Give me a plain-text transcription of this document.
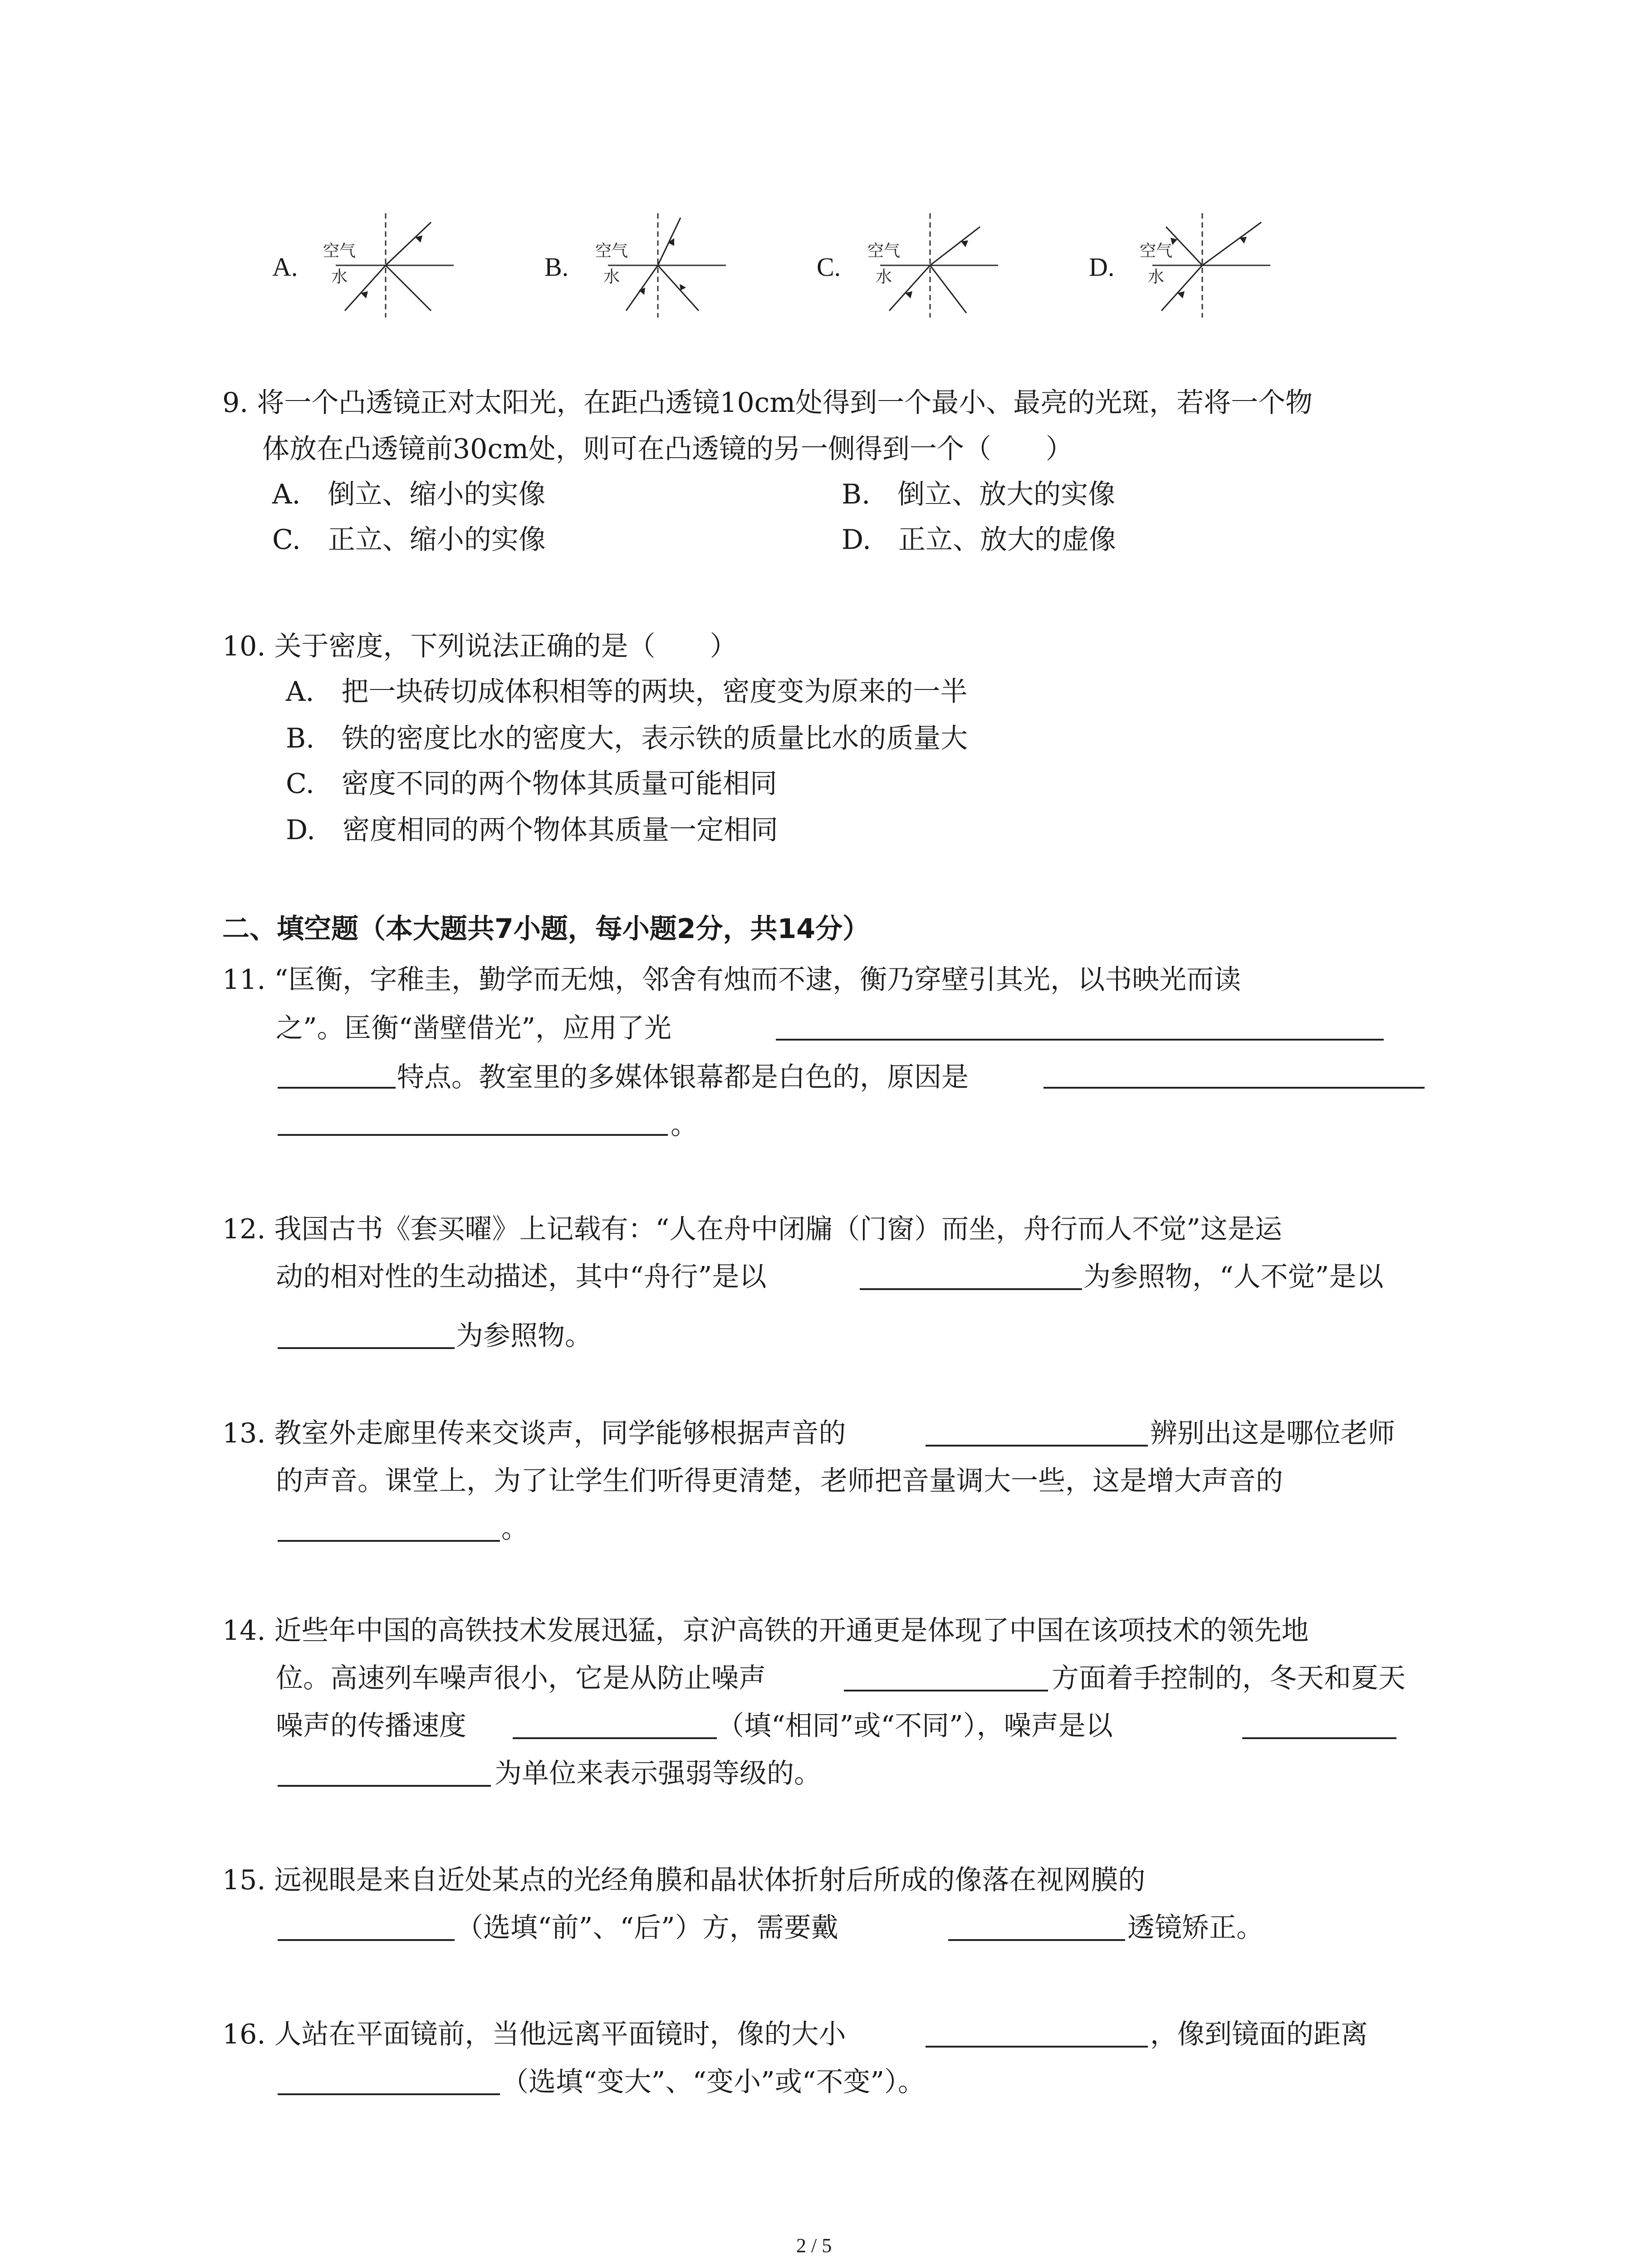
A.
空气
水	B.
空气
水	C.
空气
水	D.
空气
水
9. 将一个凸透镜正对太阳光，在距凸透镜10cm处得到一个最小、最亮的光斑，若将一个物
体放在凸透镜前30cm处，则可在凸透镜的另一侧得到一个（　　）
A.　倒立、缩小的实像	B.　倒立、放大的实像
C.　正立、缩小的实像	D.　正立、放大的虚像
10. 关于密度，下列说法正确的是（　　）
A.　把一块砖切成体积相等的两块，密度变为原来的一半
B.　铁的密度比水的密度大，表示铁的质量比水的质量大
C.　密度不同的两个物体其质量可能相同
D.　密度相同的两个物体其质量一定相同
二、填空题（本大题共7小题，每小题2分，共14分）
11. “匡衡，字稚圭，勤学而无烛，邻舍有烛而不逮，衡乃穿壁引其光，以书映光而读
之”。匡衡“凿壁借光”，应用了光
特点。教室里的多媒体银幕都是白色的，原因是
。
12. 我国古书《套买曜》上记载有：“人在舟中闭牖（门窗）而坐，舟行而人不觉”这是运
动的相对性的生动描述，其中“舟行”是以	为参照物，“人不觉”是以
为参照物。
13. 教室外走廊里传来交谈声，同学能够根据声音的	辨别出这是哪位老师
的声音。课堂上，为了让学生们听得更清楚，老师把音量调大一些，这是增大声音的
。
14. 近些年中国的高铁技术发展迅猛，京沪高铁的开通更是体现了中国在该项技术的领先地
位。高速列车噪声很小，它是从防止噪声	方面着手控制的，冬天和夏天
噪声的传播速度	（填“相同”或“不同”），噪声是以
为单位来表示强弱等级的。
15. 远视眼是来自近处某点的光经角膜和晶状体折射后所成的像落在视网膜的
（选填“前”、“后”）方，需要戴	透镜矫正。
16. 人站在平面镜前，当他远离平面镜时，像的大小	，像到镜面的距离
（选填“变大”、“变小”或“不变”）。
2 / 5
